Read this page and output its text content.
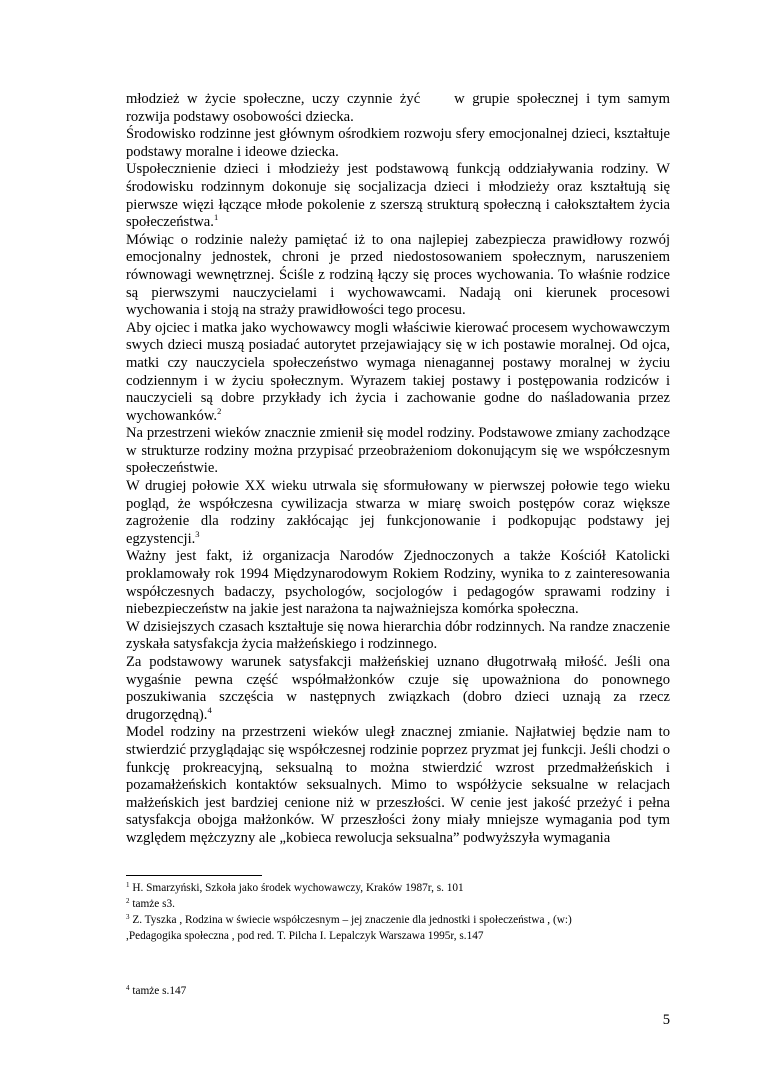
młodzież w życie społeczne, uczy czynnie żyć w grupie społecznej i tym samym rozwija podstawy osobowości dziecka.

Środowisko rodzinne jest głównym ośrodkiem rozwoju sfery emocjonalnej dzieci, kształtuje podstawy moralne i ideowe dziecka.

Uspołecznienie dzieci i młodzieży jest podstawową funkcją oddziaływania rodziny. W środowisku rodzinnym dokonuje się socjalizacja dzieci i młodzieży oraz kształtują się pierwsze więzi łączące młode pokolenie z szerszą strukturą społeczną i całokształtem życia społeczeństwa.$^1$

Mówiąc o rodzinie należy pamiętać iż to ona najlepiej zabezpiecza prawidłowy rozwój emocjonalny jednostek, chroni je przed niedostosowaniem społecznym, naruszeniem równowagi wewnętrznej. Ściśle z rodziną łączy się proces wychowania. To właśnie rodzice są pierwszymi nauczycielami i wychowawcami. Nadają oni kierunek procesowi wychowania i stoją na straży prawidłowości tego procesu.

Aby ojciec i matka jako wychowawcy mogli właściwie kierować procesem wychowawczym swych dzieci muszą posiadać autorytet przejawiający się w ich postawie moralnej. Od ojca, matki czy nauczyciela społeczeństwo wymaga nienagannej postawy moralnej w życiu codziennym i w życiu społecznym. Wyrazem takiej postawy i postępowania rodziców i nauczycieli są dobre przykłady ich życia i zachowanie godne do naśladowania przez wychowanków.$^2$

Na przestrzeni wieków znacznie zmienił się model rodziny. Podstawowe zmiany zachodzące w strukturze rodziny można przypisać przeobrażeniom dokonującym się we współczesnym społeczeństwie.

W drugiej połowie XX wieku utrwala się sformułowany w pierwszej połowie tego wieku pogląd, że współczesna cywilizacja stwarza w miarę swoich postępów coraz większe zagrożenie dla rodziny zakłócając jej funkcjonowanie i podkopując podstawy jej egzystencji.$^3$

Ważny jest fakt, iż organizacja Narodów Zjednoczonych a także Kościół Katolicki proklamowały rok 1994 Międzynarodowym Rokiem Rodziny, wynika to z zainteresowania współczesnych badaczy, psychologów, socjologów i pedagogów sprawami rodziny i niebezpieczeństw na jakie jest narażona ta najważniejsza komórka społeczna.

W dzisiejszych czasach kształtuje się nowa hierarchia dóbr rodzinnych. Na randze znaczenie zyskała satysfakcja życia małżeńskiego i rodzinnego.

Za podstawowy warunek satysfakcji małżeńskiej uznano długotrwałą miłość. Jeśli ona wygaśnie pewna część współmałżonków czuje się upoważniona do ponownego poszukiwania szczęścia w następnych związkach (dobro dzieci uznają za rzecz drugorzędną).$^4$

Model rodziny na przestrzeni wieków uległ znacznej zmianie. Najłatwiej będzie nam to stwierdzić przyglądając się współczesnej rodzinie poprzez pryzmat jej funkcji. Jeśli chodzi o funkcję prokreacyjną, seksualną to można stwierdzić wzrost przedmałżeńskich i pozamałżeńskich kontaktów seksualnych. Mimo to współżycie seksualne w relacjach małżeńskich jest bardziej cenione niż w przeszłości. W cenie jest jakość przeżyć i pełna satysfakcja obojga małżonków. W przeszłości żony miały mniejsze wymagania pod tym względem mężczyzny ale „kobieca rewolucja seksualna” podwyższyła wymagania

$^1$ H. Smarzyński, Szkoła jako środek wychowawczy, Kraków 1987r, s. 101

$^2$ tamże s3.

$^3$ Z. Tyszka , Rodzina w świecie współczesnym – jej znaczenie dla jednostki i społeczeństwa , (w:)

,Pedagogika społeczna , pod red. T. Pilcha I. Lepalczyk Warszawa 1995r, s.147

$^4$ tamże s.147

5
